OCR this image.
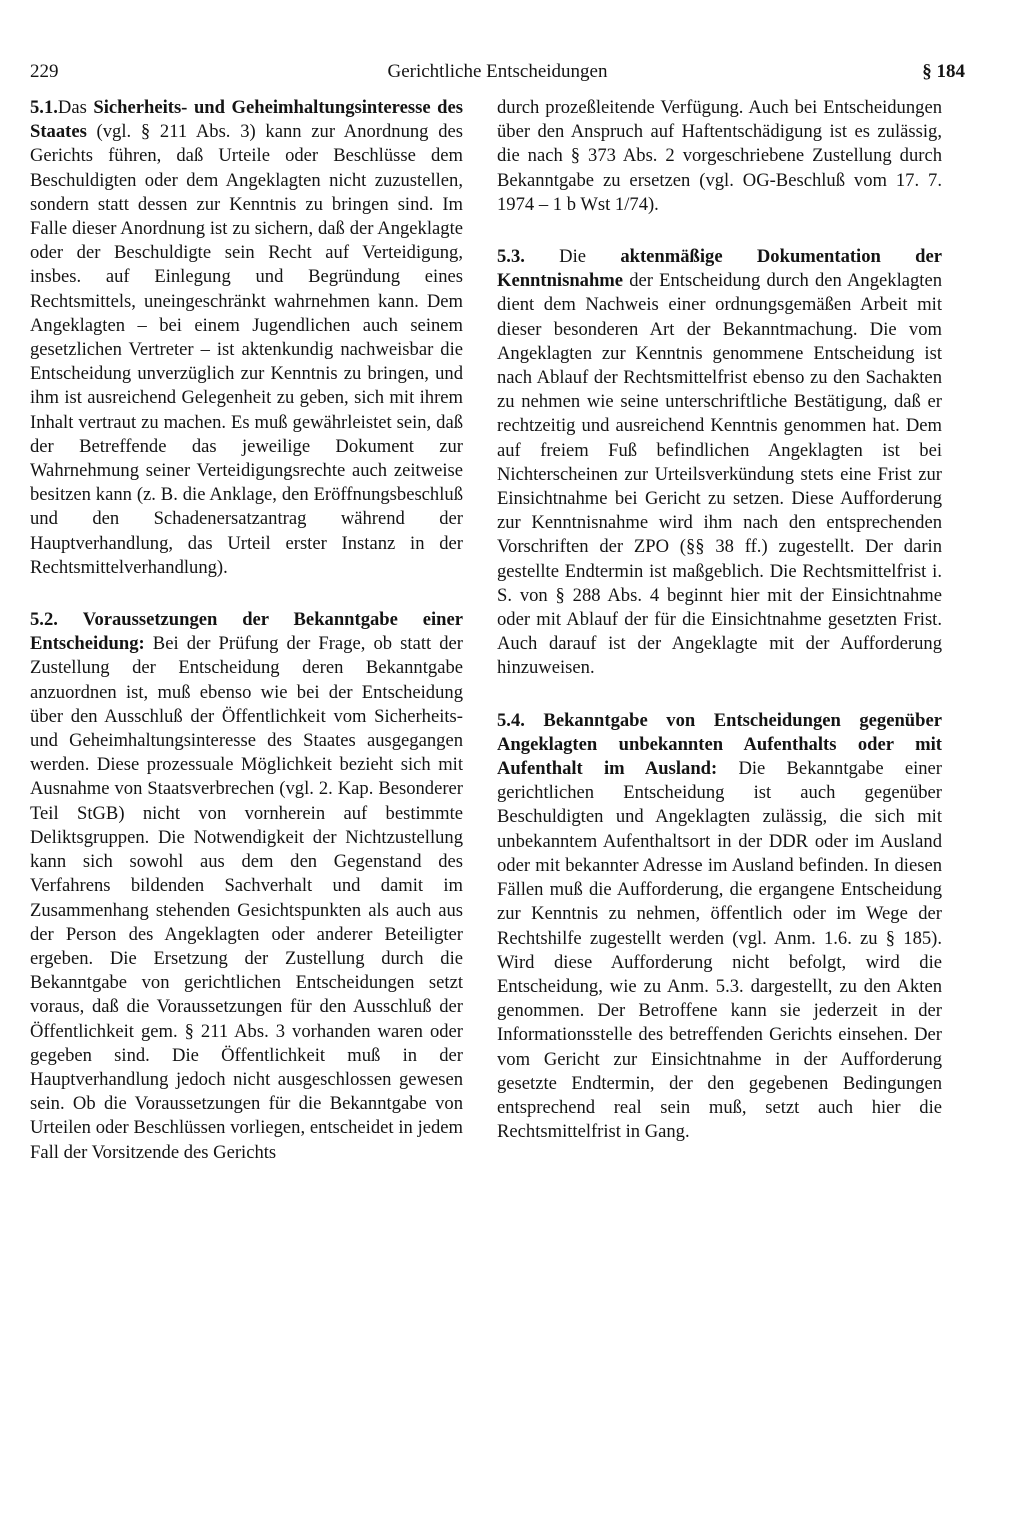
229	Gerichtliche Entscheidungen	§ 184

5.1.Das Sicherheits- und Geheimhaltungsinteresse des Staates (vgl. § 211 Abs. 3) kann zur Anordnung des Gerichts führen, daß Urteile oder Beschlüsse dem Beschuldigten oder dem Angeklagten nicht zuzustellen, sondern statt dessen zur Kenntnis zu bringen sind. Im Falle dieser Anordnung ist zu sichern, daß der Angeklagte oder der Beschuldigte sein Recht auf Verteidigung, insbes. auf Einlegung und Begründung eines Rechtsmittels, uneingeschränkt wahrnehmen kann. Dem Angeklagten – bei einem Jugendlichen auch seinem gesetzlichen Vertreter – ist aktenkundig nachweisbar die Entscheidung unverzüglich zur Kenntnis zu bringen, und ihm ist ausreichend Gelegenheit zu geben, sich mit ihrem Inhalt vertraut zu machen. Es muß gewährleistet sein, daß der Betreffende das jeweilige Dokument zur Wahrnehmung seiner Verteidigungsrechte auch zeitweise besitzen kann (z. B. die Anklage, den Eröffnungsbeschluß und den Schadenersatzantrag während der Hauptverhandlung, das Urteil erster Instanz in der Rechtsmittelverhandlung).

5.2. Voraussetzungen der Bekanntgabe einer Entscheidung: Bei der Prüfung der Frage, ob statt der Zustellung der Entscheidung deren Bekanntgabe anzuordnen ist, muß ebenso wie bei der Entscheidung über den Ausschluß der Öffentlichkeit vom Sicherheits- und Geheimhaltungsinteresse des Staates ausgegangen werden. Diese prozessuale Möglichkeit bezieht sich mit Ausnahme von Staatsverbrechen (vgl. 2. Kap. Besonderer Teil StGB) nicht von vornherein auf bestimmte Deliktsgruppen. Die Notwendigkeit der Nichtzustellung kann sich sowohl aus dem den Gegenstand des Verfahrens bildenden Sachverhalt und damit im Zusammenhang stehenden Gesichtspunkten als auch aus der Person des Angeklagten oder anderer Beteiligter ergeben. Die Ersetzung der Zustellung durch die Bekanntgabe von gerichtlichen Entscheidungen setzt voraus, daß die Voraussetzungen für den Ausschluß der Öffentlichkeit gem. § 211 Abs. 3 vorhanden waren oder gegeben sind. Die Öffentlichkeit muß in der Hauptverhandlung jedoch nicht ausgeschlossen gewesen sein. Ob die Voraussetzungen für die Bekanntgabe von Urteilen oder Beschlüssen vorliegen, entscheidet in jedem Fall der Vorsitzende des Gerichts

durch prozeßleitende Verfügung. Auch bei Entscheidungen über den Anspruch auf Haftentschädigung ist es zulässig, die nach § 373 Abs. 2 vorgeschriebene Zustellung durch Bekanntgabe zu ersetzen (vgl. OG-Beschluß vom 17. 7. 1974 – 1 b Wst 1/74).

5.3. Die aktenmäßige Dokumentation der Kenntnisnahme der Entscheidung durch den Angeklagten dient dem Nachweis einer ordnungsgemäßen Arbeit mit dieser besonderen Art der Bekanntmachung. Die vom Angeklagten zur Kenntnis genommene Entscheidung ist nach Ablauf der Rechtsmittelfrist ebenso zu den Sachakten zu nehmen wie seine unterschriftliche Bestätigung, daß er rechtzeitig und ausreichend Kenntnis genommen hat. Dem auf freiem Fuß befindlichen Angeklagten ist bei Nichterscheinen zur Urteilsverkündung stets eine Frist zur Einsichtnahme bei Gericht zu setzen. Diese Aufforderung zur Kenntnisnahme wird ihm nach den entsprechenden Vorschriften der ZPO (§§ 38 ff.) zugestellt. Der darin gestellte Endtermin ist maßgeblich. Die Rechtsmittelfrist i. S. von § 288 Abs. 4 beginnt hier mit der Einsichtnahme oder mit Ablauf der für die Einsichtnahme gesetzten Frist. Auch darauf ist der Angeklagte mit der Aufforderung hinzuweisen.

5.4. Bekanntgabe von Entscheidungen gegenüber Angeklagten unbekannten Aufenthalts oder mit Aufenthalt im Ausland: Die Bekanntgabe einer gerichtlichen Entscheidung ist auch gegenüber Beschuldigten und Angeklagten zulässig, die sich mit unbekanntem Aufenthaltsort in der DDR oder im Ausland oder mit bekannter Adresse im Ausland befinden. In diesen Fällen muß die Aufforderung, die ergangene Entscheidung zur Kenntnis zu nehmen, öffentlich oder im Wege der Rechtshilfe zugestellt werden (vgl. Anm. 1.6. zu § 185). Wird diese Aufforderung nicht befolgt, wird die Entscheidung, wie zu Anm. 5.3. dargestellt, zu den Akten genommen. Der Betroffene kann sie jederzeit in der Informationsstelle des betreffenden Gerichts einsehen. Der vom Gericht zur Einsichtnahme in der Aufforderung gesetzte Endtermin, der den gegebenen Bedingungen entsprechend real sein muß, setzt auch hier die Rechtsmittelfrist in Gang.
